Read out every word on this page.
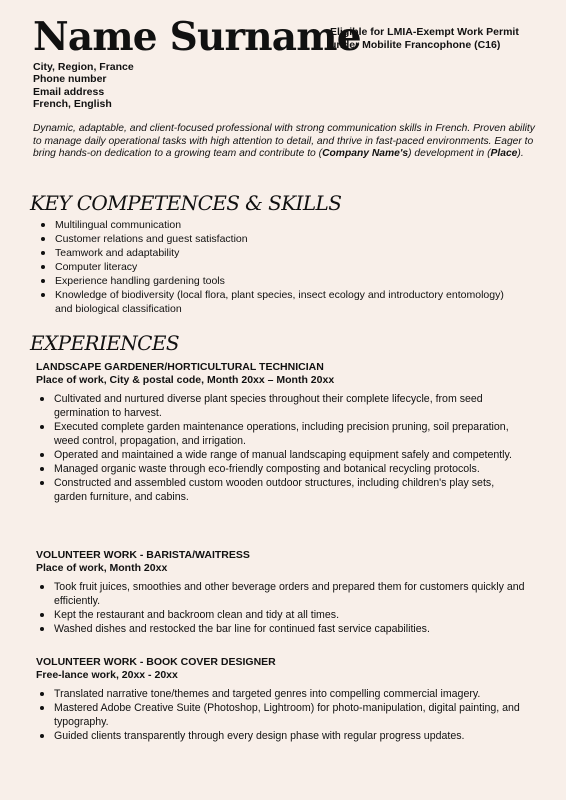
Name Surname
Eligible for LMIA-Exempt Work Permit under Mobilite Francophone (C16)
City, Region, France
Phone number
Email address
French, English

Dynamic, adaptable, and client-focused professional with strong communication skills in French. Proven ability to manage daily operational tasks with high attention to detail, and thrive in fast-paced environments. Eager to bring hands-on dedication to a growing team and contribute to (Company Name's) development in (Place).

KEY COMPETENCES & SKILLS
Multilingual communication
Customer relations and guest satisfaction
Teamwork and adaptability
Computer literacy
Experience handling gardening tools
Knowledge of biodiversity (local flora, plant species, insect ecology and introductory entomology) and biological classification
EXPERIENCES
LANDSCAPE GARDENER/HORTICULTURAL TECHNICIAN
Place of work, City & postal code, Month 20xx – Month 20xx
Cultivated and nurtured diverse plant species throughout their complete lifecycle, from seed germination to harvest.
Executed complete garden maintenance operations, including precision pruning, soil preparation, weed control, propagation, and irrigation.
Operated and maintained a wide range of manual landscaping equipment safely and competently.
Managed organic waste through eco-friendly composting and botanical recycling protocols.
Constructed and assembled custom wooden outdoor structures, including children's play sets, garden furniture, and cabins.
VOLUNTEER WORK - BARISTA/WAITRESS
Place of work, Month 20xx
Took fruit juices, smoothies and other beverage orders and prepared them for customers quickly and efficiently.
Kept the restaurant and backroom clean and tidy at all times.
Washed dishes and restocked the bar line for continued fast service capabilities.
VOLUNTEER WORK - BOOK COVER DESIGNER
Free-lance work, 20xx - 20xx
Translated narrative tone/themes and targeted genres into compelling commercial imagery.
Mastered Adobe Creative Suite (Photoshop, Lightroom) for photo-manipulation, digital painting, and typography.
Guided clients transparently through every design phase with regular progress updates.
